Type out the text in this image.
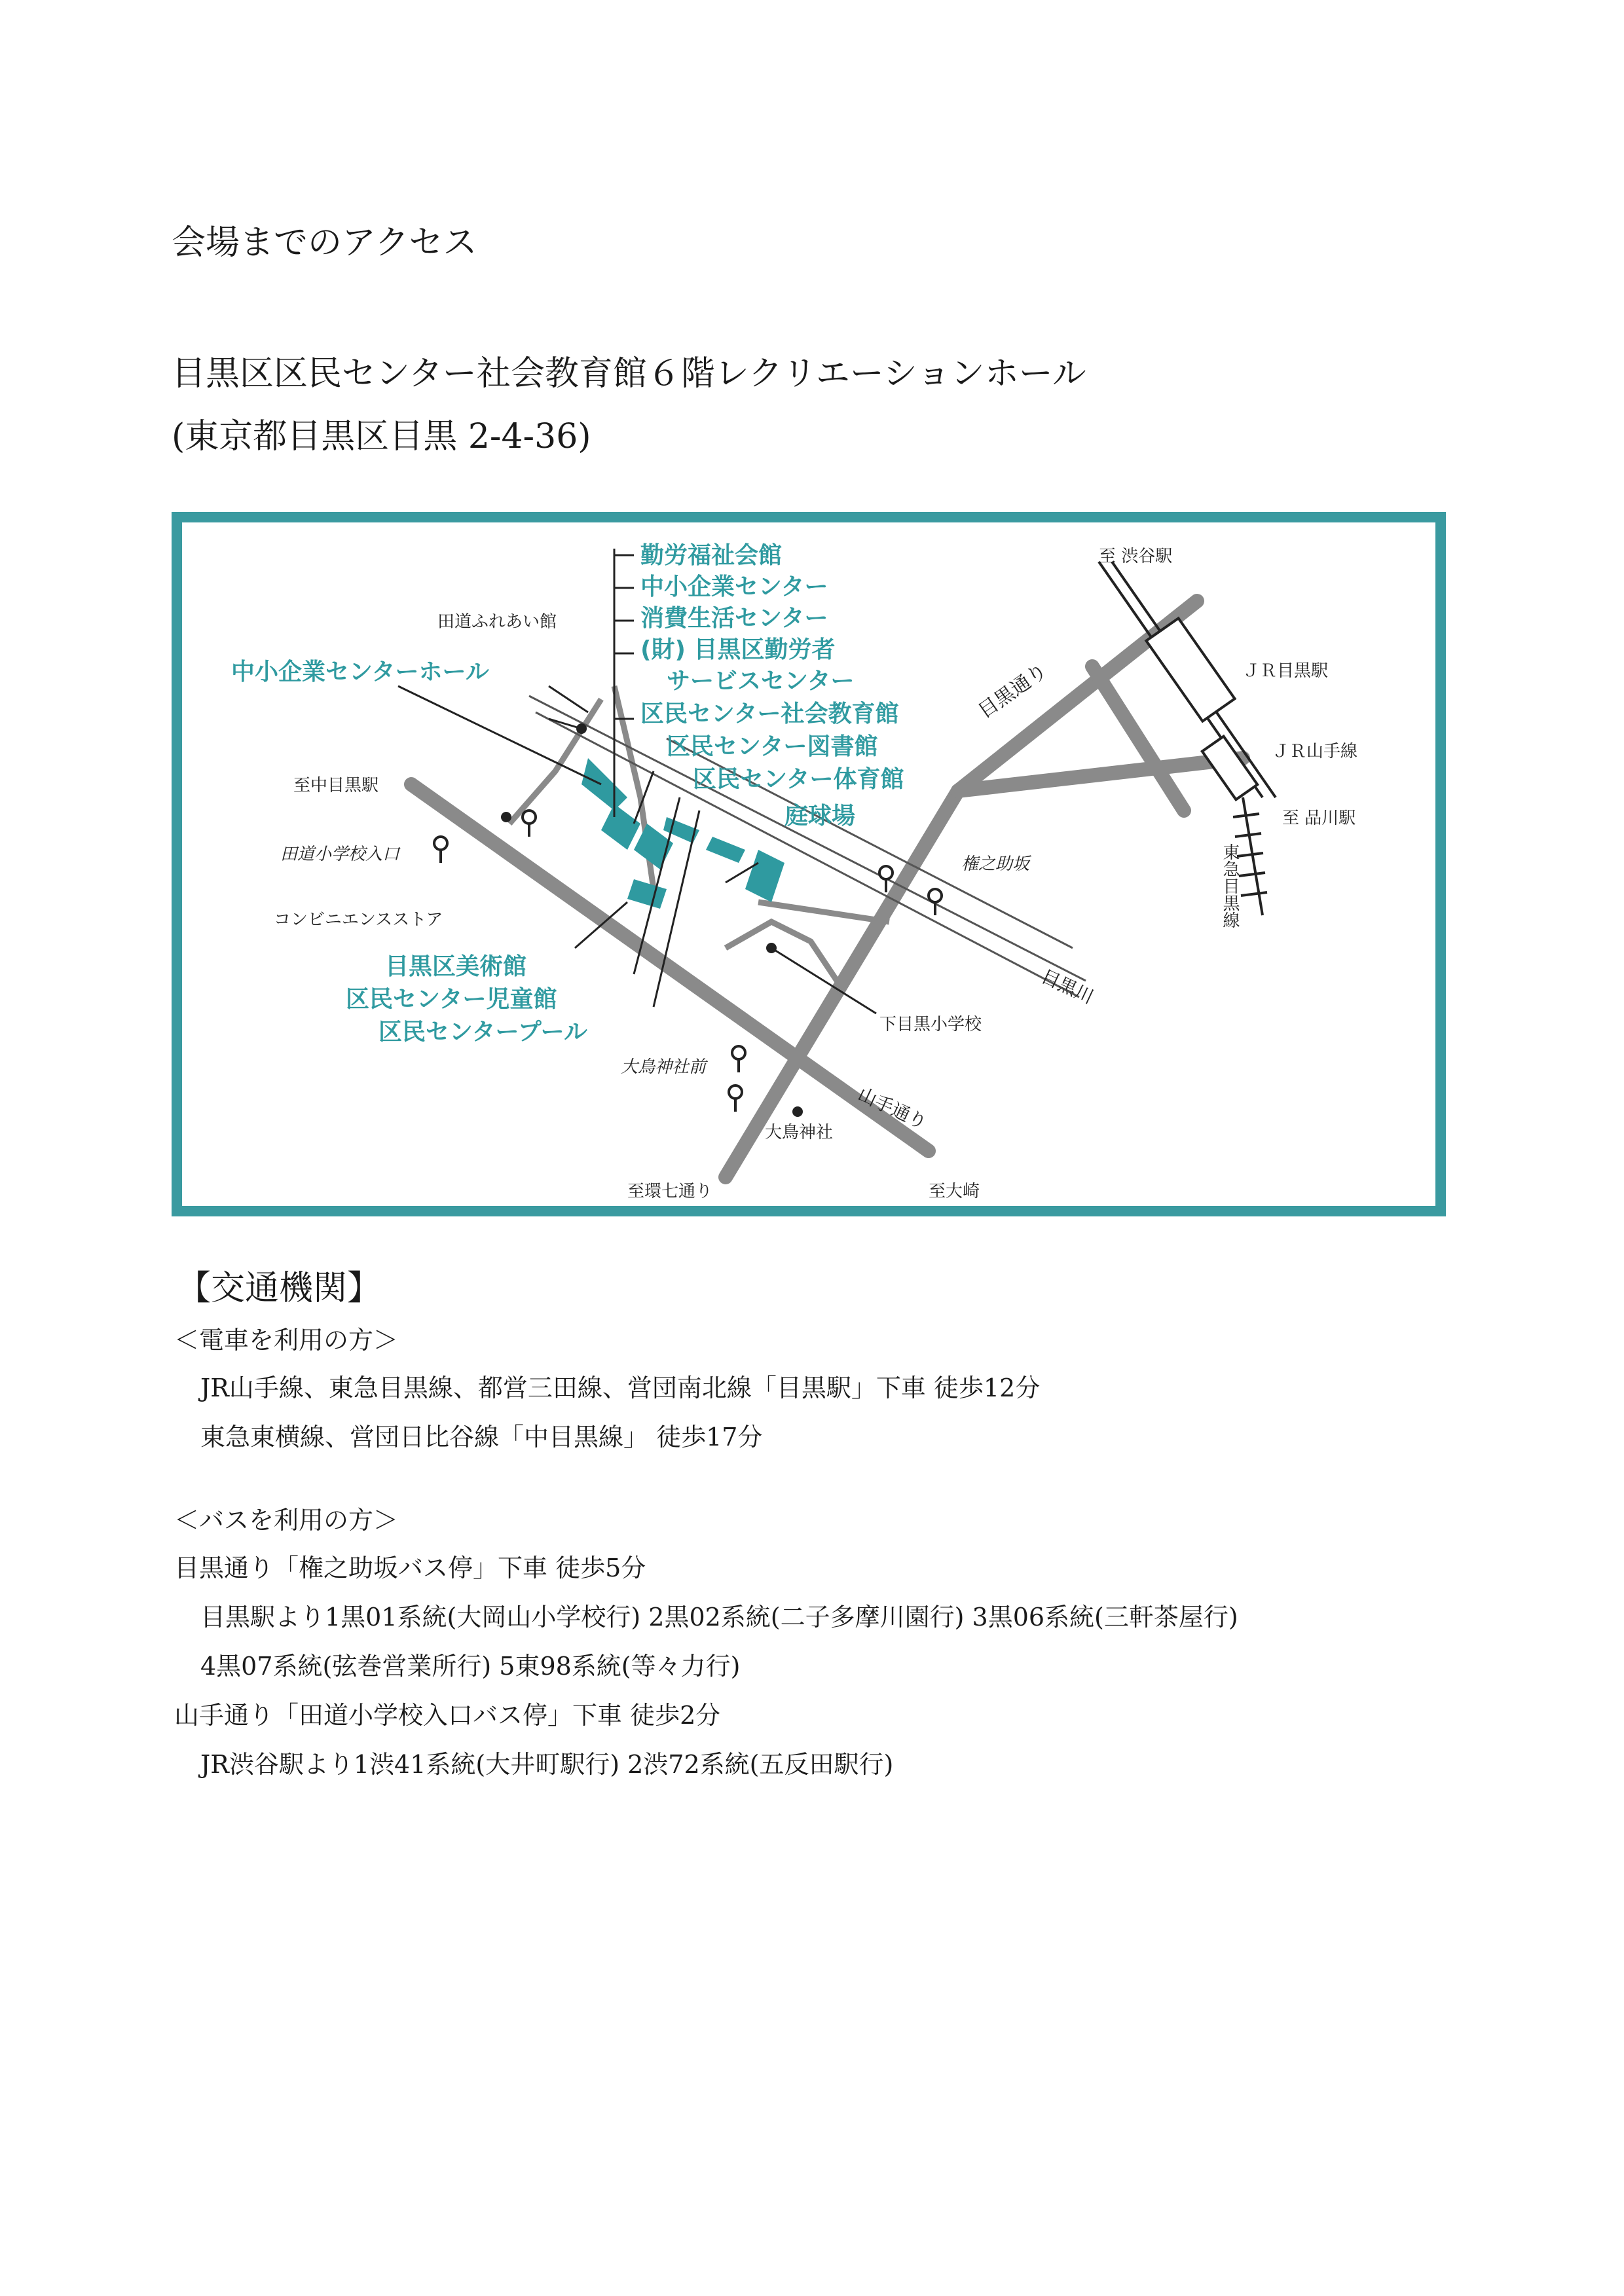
会場までのアクセス
目黒区区民センター社会教育館６階レクリエーションホール
(東京都目黒区目黒 2-4-36)
勤労福祉会館
中小企業センター
消費生活センター
(財) 目黒区勤労者
サービスセンター
区民センター社会教育館
区民センター図書館
区民センター体育館
中小企業センターホール
庭球場
目黒区美術館
区民センター児童館
区民センタープール
田道ふれあい館
至中目黒駅
田道小学校入口
コンビニエンスストア
至 渋谷駅
ＪＲ目黒駅
ＪＲ山手線
至 品川駅
東急目黒線
目黒通り
権之助坂
目黒川
下目黒小学校
大鳥神社前
大鳥神社 山手通り
至環七通り	至大崎
【交通機関】
＜電車を利用の方＞
JR山手線、東急目黒線、都営三田線、営団南北線「目黒駅」下車 徒歩12分
東急東横線、営団日比谷線「中目黒線」 徒歩17分
＜バスを利用の方＞
目黒通り「権之助坂バス停」下車 徒歩5分
目黒駅より1黒01系統(大岡山小学校行) 2黒02系統(二子多摩川園行) 3黒06系統(三軒茶屋行)
4黒07系統(弦巻営業所行) 5東98系統(等々力行)
山手通り「田道小学校入口バス停」下車 徒歩2分
JR渋谷駅より1渋41系統(大井町駅行) 2渋72系統(五反田駅行)
